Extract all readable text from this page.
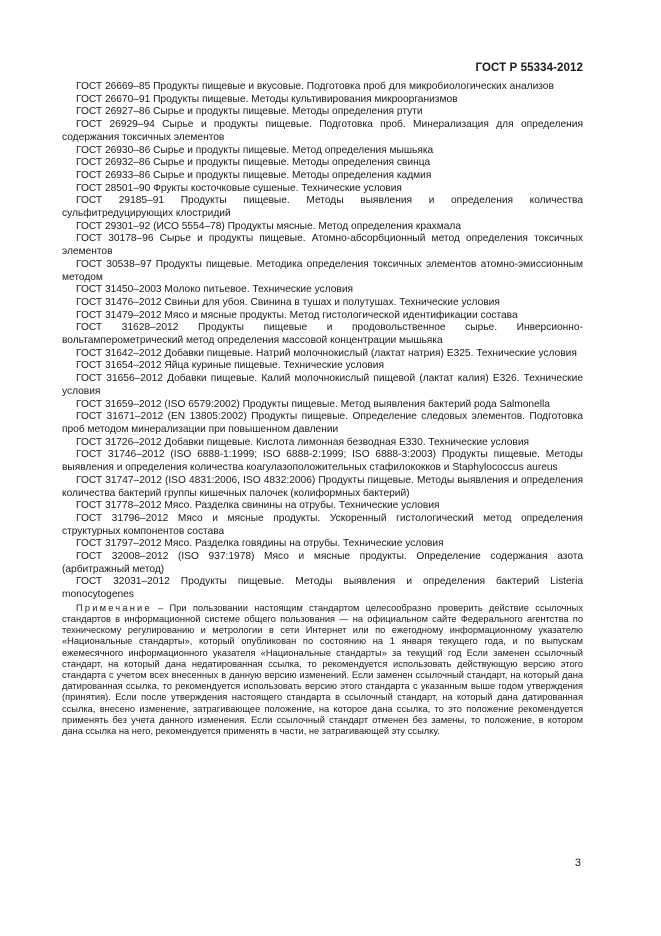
ГОСТ Р 55334-2012

ГОСТ 26669–85 Продукты пищевые и вкусовые. Подготовка проб для микробиологических анализов

ГОСТ 26670–91 Продукты пищевые. Методы культивирования микроорганизмов

ГОСТ 26927–86 Сырье и продукты пищевые. Методы определения ртути

ГОСТ 26929–94 Сырье и продукты пищевые. Подготовка проб. Минерализация для определения содержания токсичных элементов

ГОСТ 26930–86 Сырье и продукты пищевые. Метод определения мышьяка

ГОСТ 26932–86 Сырье и продукты пищевые. Методы определения свинца

ГОСТ 26933–86 Сырье и продукты пищевые. Методы определения кадмия

ГОСТ 28501–90 Фрукты косточковые сушеные. Технические условия

ГОСТ 29185–91 Продукты пищевые. Методы выявления и определения количества сульфитредуцирующих клостридий

ГОСТ 29301–92 (ИСО 5554–78) Продукты мясные. Метод определения крахмала

ГОСТ 30178–96 Сырье и продукты пищевые. Атомно-абсорбционный метод определения токсичных элементов

ГОСТ 30538–97 Продукты пищевые. Методика определения токсичных элементов атомно-эмиссионным методом

ГОСТ 31450–2003 Молоко питьевое. Технические условия

ГОСТ 31476–2012 Свиньи для убоя. Свинина в тушах и полутушах. Технические условия

ГОСТ 31479–2012 Мясо и мясные продукты. Метод гистологической идентификации состава

ГОСТ 31628–2012 Продукты пищевые и продовольственное сырье. Инверсионно-вольтамперометрический метод определения массовой концентрации мышьяка

ГОСТ 31642–2012 Добавки пищевые. Натрий молочнокислый (лактат натрия) E325. Технические условия

ГОСТ 31654–2012 Яйца куриные пищевые. Технические условия

ГОСТ 31656–2012 Добавки пищевые. Калий молочнокислый пищевой (лактат калия) E326. Технические условия

ГОСТ 31659–2012 (ISO 6579:2002) Продукты пищевые. Метод выявления бактерий рода Salmonella

ГОСТ 31671–2012 (EN 13805:2002) Продукты пищевые. Определение следовых элементов. Подготовка проб методом минерализации при повышенном давлении

ГОСТ 31726–2012 Добавки пищевые. Кислота лимонная безводная E330. Технические условия

ГОСТ 31746–2012 (ISO 6888-1:1999; ISO 6888-2:1999; ISO 6888-3:2003) Продукты пищевые. Методы выявления и определения количества коагулазоположительных стафилококков и Staphylococcus aureus

ГОСТ 31747–2012 (ISO 4831:2006, ISO 4832:2006) Продукты пищевые. Методы выявления и определения количества бактерий группы кишечных палочек (колиформных бактерий)

ГОСТ 31778–2012 Мясо. Разделка свинины на отрубы. Технические условия

ГОСТ 31796–2012 Мясо и мясные продукты. Ускоренный гистологический метод определения структурных компонентов состава

ГОСТ 31797–2012 Мясо. Разделка говядины на отрубы. Технические условия

ГОСТ 32008–2012 (ISO 937:1978) Мясо и мясные продукты. Определение содержания азота (арбитражный метод)

ГОСТ 32031–2012 Продукты пищевые. Методы выявления и определения бактерий Listeria monocytogenes

Примечание – При пользовании настоящим стандартом целесообразно проверить действие ссылочных стандартов в информационной системе общего пользования — на официальном сайте Федерального агентства по техническому регулированию и метрологии в сети Интернет или по ежегодному информационному указателю «Национальные стандарты», который опубликован по состоянию на 1 января текущего года, и по выпускам ежемесячного информационного указателя «Национальные стандарты» за текущий год Если заменен ссылочный стандарт, на который дана недатированная ссылка, то рекомендуется использовать действующую версию этого стандарта с учетом всех внесенных в данную версию изменений. Если заменен ссылочный стандарт, на который дана датированная ссылка, то рекомендуется использовать версию этого стандарта с указанным выше годом утверждения (принятия). Если после утверждения настоящего стандарта в ссылочный стандарт, на который дана датированная ссылка, внесено изменение, затрагивающее положение, на которое дана ссылка, то это положение рекомендуется применять без учета данного изменения. Если ссылочный стандарт отменен без замены, то положение, в котором дана ссылка на него, рекомендуется применять в части, не затрагивающей эту ссылку.

3
